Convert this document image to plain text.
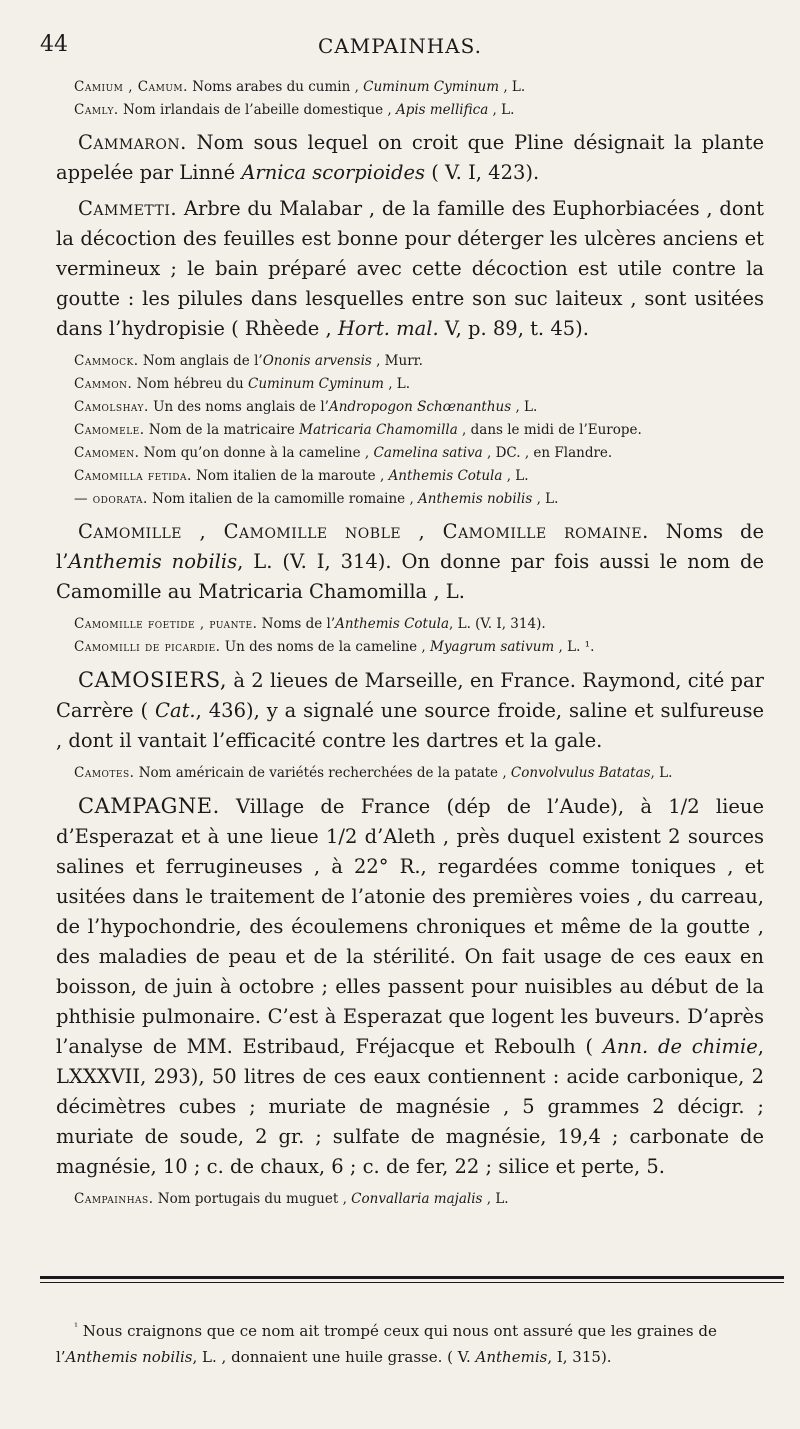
44	CAMPAINHAS.

Camium , Camum. Noms arabes du cumin , Cuminum Cyminum , L.

Camly. Nom irlandais de l’abeille domestique , Apis mellifica , L.

Cammaron. Nom sous lequel on croit que Pline désignait la plante appelée par Linné Arnica scorpioides ( V. I, 423).

Cammetti. Arbre du Malabar , de la famille des Euphorbiacées , dont la décoction des feuilles est bonne pour déterger les ulcères anciens et vermineux ; le bain préparé avec cette décoction est utile contre la goutte : les pilules dans lesquelles entre son suc laiteux , sont usitées dans l’hydropisie ( Rhèede , Hort. mal. V, p. 89, t. 45).

Cammock. Nom anglais de l’Ononis arvensis , Murr.

Cammon. Nom hébreu du Cuminum Cyminum , L.

Camolshay. Un des noms anglais de l’Andropogon Schœnanthus , L.

Camomele. Nom de la matricaire Matricaria Chamomilla , dans le midi de l’Europe.

Camomen. Nom qu’on donne à la cameline , Camelina sativa , DC. , en Flandre.

Camomilla fetida. Nom italien de la maroute , Anthemis Cotula , L.

— odorata. Nom italien de la camomille romaine , Anthemis nobilis , L.

Camomille , Camomille noble , Camomille romaine. Noms de l’Anthemis nobilis, L. (V. I, 314). On donne par fois aussi le nom de Camomille au Matricaria Chamomilla , L.

Camomille foetide , puante. Noms de l’Anthemis Cotula, L. (V. I, 314).

Camomilli de picardie. Un des noms de la cameline , Myagrum sativum , L. ¹.

CAMOSIERS, à 2 lieues de Marseille, en France. Raymond, cité par Carrère ( Cat., 436), y a signalé une source froide, saline et sulfureuse , dont il vantait l’efficacité contre les dartres et la gale.

Camotes. Nom américain de variétés recherchées de la patate , Convolvulus Batatas, L.

CAMPAGNE. Village de France (dép de l’Aude), à 1/2 lieue d’Esperazat et à une lieue 1/2 d’Aleth , près duquel existent 2 sources salines et ferrugineuses , à 22° R., regardées comme toniques , et usitées dans le traitement de l’atonie des premières voies , du carreau, de l’hypochondrie, des écoulemens chroniques et même de la goutte , des maladies de peau et de la stérilité. On fait usage de ces eaux en boisson, de juin à octobre ; elles passent pour nuisibles au début de la phthisie pulmonaire. C’est à Esperazat que logent les buveurs. D’après l’analyse de MM. Estribaud, Fréjacque et Reboulh ( Ann. de chimie, LXXXVII, 293), 50 litres de ces eaux contiennent : acide carbonique, 2 décimètres cubes ; muriate de magnésie , 5 grammes 2 décigr. ; muriate de soude, 2 gr. ; sulfate de magnésie, 19,4 ; carbonate de magnésie, 10 ; c. de chaux, 6 ; c. de fer, 22 ; silice et perte, 5.

Campainhas. Nom portugais du muguet , Convallaria majalis , L.

$^{^1}$ Nous craignons que ce nom ait trompé ceux qui nous ont assuré que les graines de l’Anthemis nobilis, L. , donnaient une huile grasse. ( V. Anthemis, I, 315).
